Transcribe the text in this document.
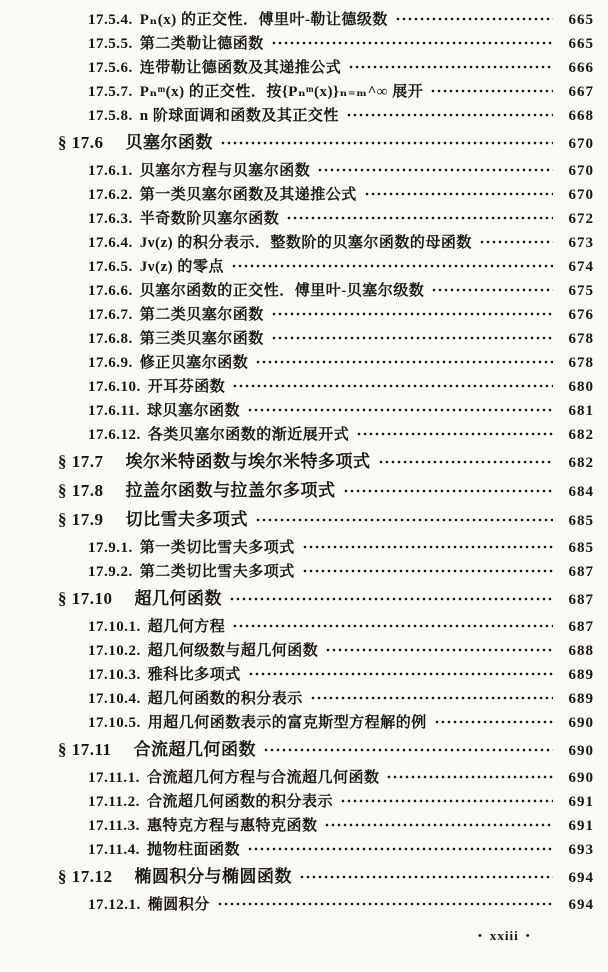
17.5.4. Pₙ(x) 的正交性．傅里叶-勒让德级数	665
17.5.5. 第二类勒让德函数	665
17.5.6. 连带勒让德函数及其递推公式	666
17.5.7. Pₙᵐ(x) 的正交性．按{Pₙᵐ(x)}ₙ₌ₘ^∞ 展开	667
17.5.8. n 阶球面调和函数及其正交性	668
§ 17.6 贝塞尔函数	670
17.6.1. 贝塞尔方程与贝塞尔函数	670
17.6.2. 第一类贝塞尔函数及其递推公式	670
17.6.3. 半奇数阶贝塞尔函数	672
17.6.4. Jν(z) 的积分表示．整数阶的贝塞尔函数的母函数	673
17.6.5. Jν(z) 的零点	674
17.6.6. 贝塞尔函数的正交性．傅里叶-贝塞尔级数	675
17.6.7. 第二类贝塞尔函数	676
17.6.8. 第三类贝塞尔函数	678
17.6.9. 修正贝塞尔函数	678
17.6.10. 开耳芬函数	680
17.6.11. 球贝塞尔函数	681
17.6.12. 各类贝塞尔函数的渐近展开式	682
§ 17.7 埃尔米特函数与埃尔米特多项式	682
§ 17.8 拉盖尔函数与拉盖尔多项式	684
§ 17.9 切比雪夫多项式	685
17.9.1. 第一类切比雪夫多项式	685
17.9.2. 第二类切比雪夫多项式	687
§ 17.10 超几何函数	687
17.10.1. 超几何方程	687
17.10.2. 超几何级数与超几何函数	688
17.10.3. 雅科比多项式	689
17.10.4. 超几何函数的积分表示	689
17.10.5. 用超几何函数表示的富克斯型方程解的例	690
§ 17.11 合流超几何函数	690
17.11.1. 合流超几何方程与合流超几何函数	690
17.11.2. 合流超几何函数的积分表示	691
17.11.3. 惠特克方程与惠特克函数	691
17.11.4. 抛物柱面函数	693
§ 17.12 椭圆积分与椭圆函数	694
17.12.1. 椭圆积分	694
• xxiii •
